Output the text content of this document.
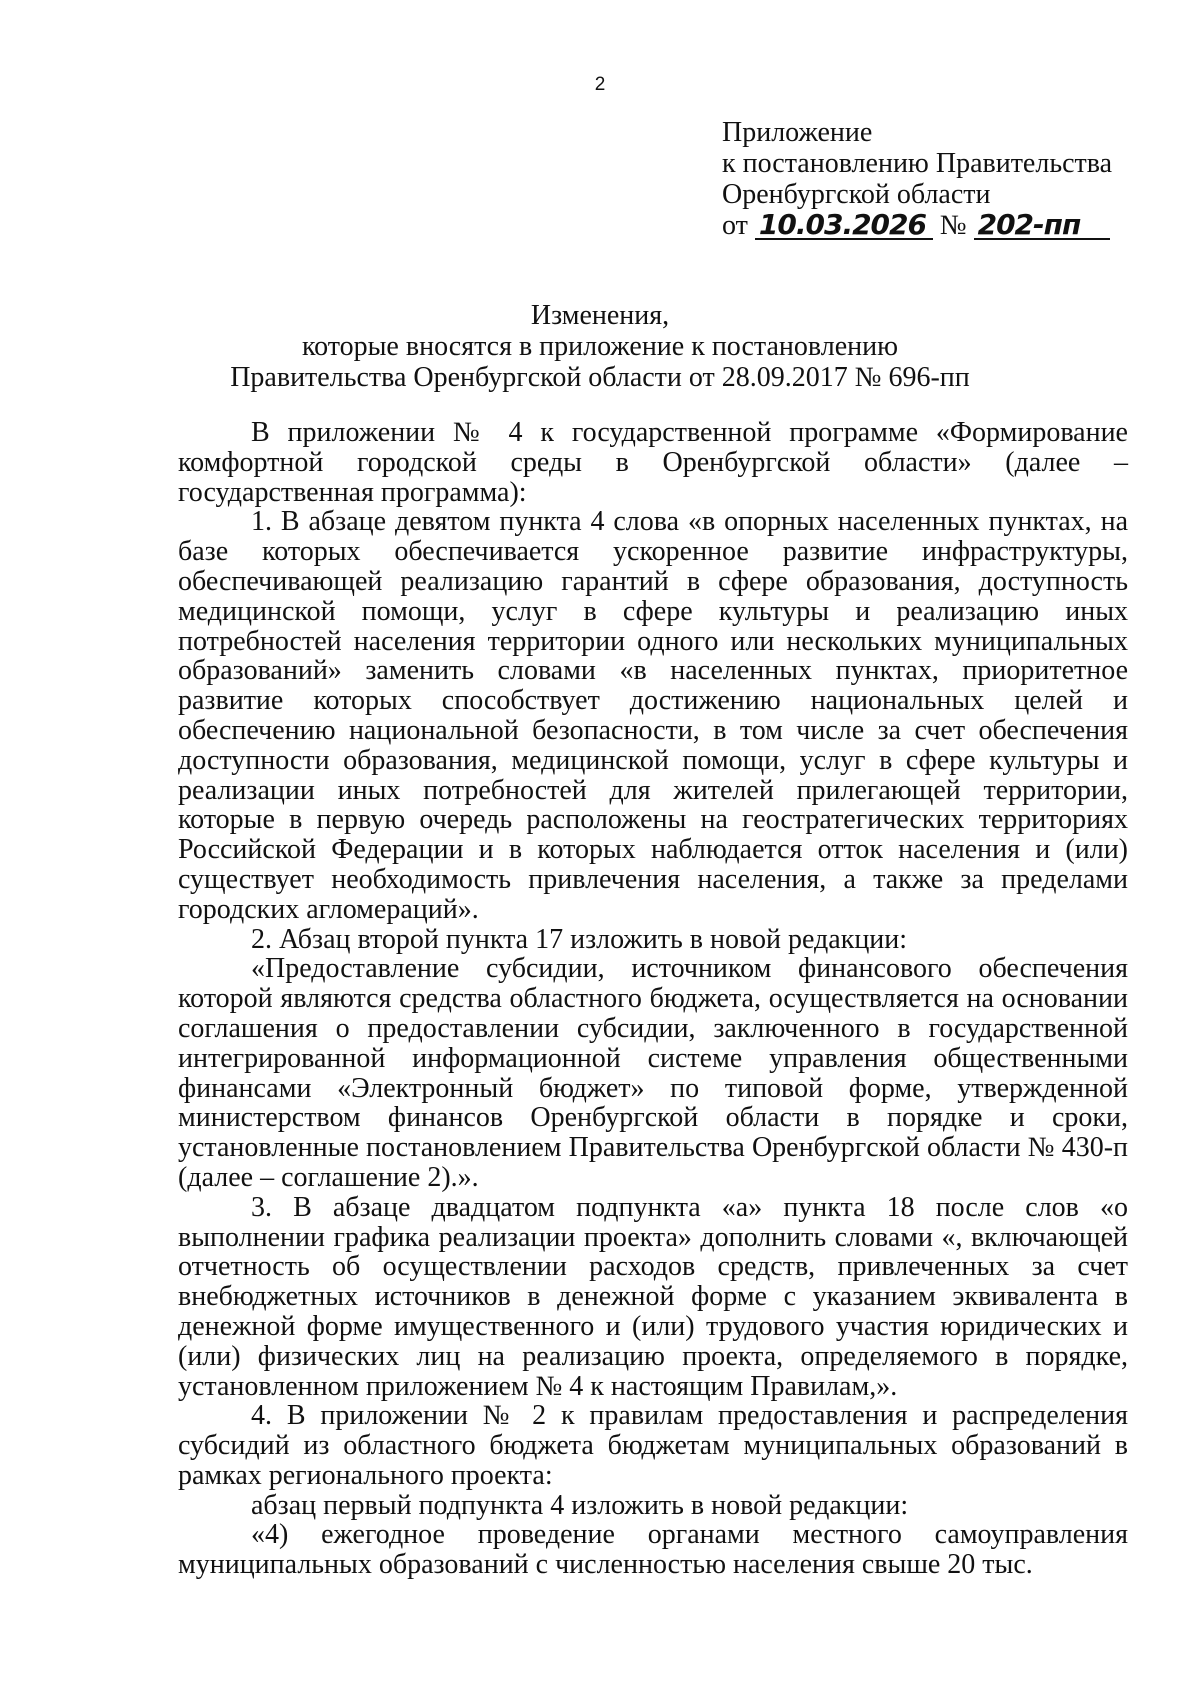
2
Приложение
к постановлению Правительства
Оренбургской области
от 10.03.2026 № 202-пп
Изменения,
которые вносятся в приложение к постановлению
Правительства Оренбургской области от 28.09.2017 № 696-пп

В приложении № 4 к государственной программе «Формирование комфортной городской среды в Оренбургской области» (далее – государственная программа):

1. В абзаце девятом пункта 4 слова «в опорных населенных пунктах, на базе которых обеспечивается ускоренное развитие инфраструктуры, обеспечивающей реализацию гарантий в сфере образования, доступность медицинской помощи, услуг в сфере культуры и реализацию иных потребностей населения территории одного или нескольких муниципальных образований» заменить словами «в населенных пунктах, приоритетное развитие которых способствует достижению национальных целей и обеспечению национальной безопасности, в том числе за счет обеспечения доступности образования, медицинской помощи, услуг в сфере культуры и реализации иных потребностей для жителей прилегающей территории, которые в первую очередь расположены на геостратегических территориях Российской Федерации и в которых наблюдается отток населения и (или) существует необходимость привлечения населения, а также за пределами городских агломераций».

2. Абзац второй пункта 17 изложить в новой редакции:

«Предоставление субсидии, источником финансового обеспечения которой являются средства областного бюджета, осуществляется на основании соглашения о предоставлении субсидии, заключенного в государственной интегрированной информационной системе управления общественными финансами «Электронный бюджет» по типовой форме, утвержденной министерством финансов Оренбургской области в порядке и сроки, установленные постановлением Правительства Оренбургской области № 430-п (далее – соглашение 2).».

3. В абзаце двадцатом подпункта «а» пункта 18 после слов «о выполнении графика реализации проекта» дополнить словами «, включающей отчетность об осуществлении расходов средств, привлеченных за счет внебюджетных источников в денежной форме с указанием эквивалента в денежной форме имущественного и (или) трудового участия юридических и (или) физических лиц на реализацию проекта, определяемого в порядке, установленном приложением № 4 к настоящим Правилам,».

4. В приложении № 2 к правилам предоставления и распределения субсидий из областного бюджета бюджетам муниципальных образований в рамках регионального проекта:

абзац первый подпункта 4 изложить в новой редакции:

«4) ежегодное проведение органами местного самоуправления муниципальных образований с численностью населения свыше 20 тыс.
